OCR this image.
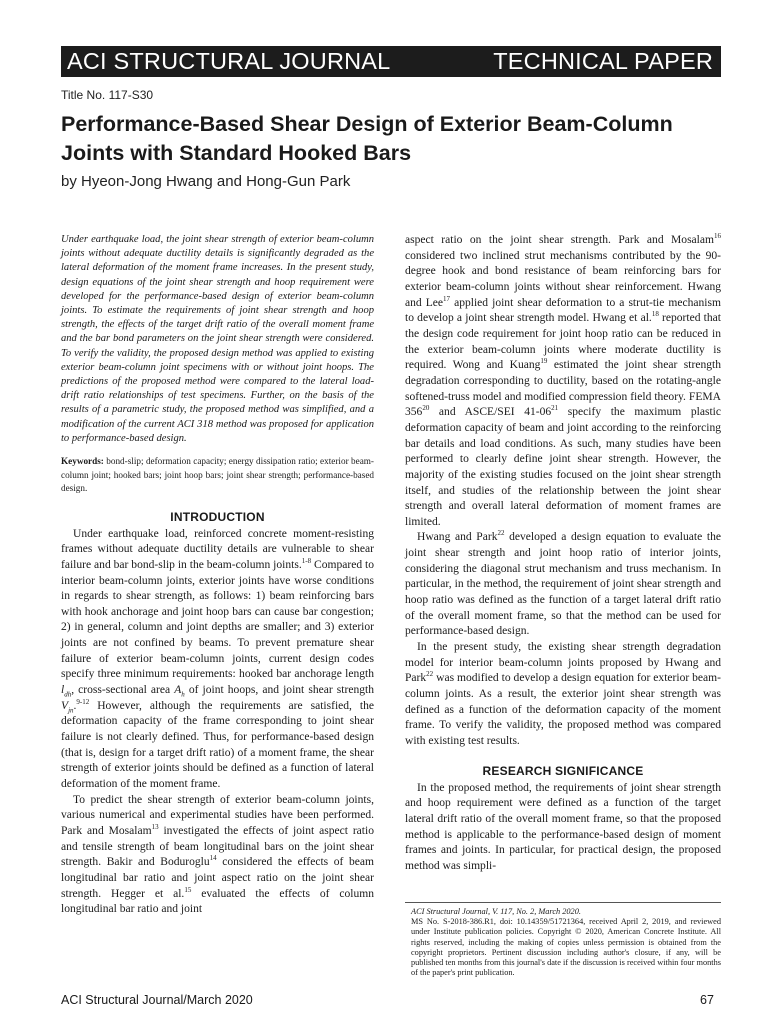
ACI STRUCTURAL JOURNAL	TECHNICAL PAPER
Title No. 117-S30
Performance-Based Shear Design of Exterior Beam-Column Joints with Standard Hooked Bars
by Hyeon-Jong Hwang and Hong-Gun Park

Under earthquake load, the joint shear strength of exterior beam-column joints without adequate ductility details is significantly degraded as the lateral deformation of the moment frame increases. In the present study, design equations of the joint shear strength and hoop requirement were developed for the performance-based design of exterior beam-column joints. To estimate the requirements of joint shear strength and hoop strength, the effects of the target drift ratio of the overall moment frame and the bar bond parameters on the joint shear strength were considered. To verify the validity, the proposed design method was applied to existing exterior beam-column joint specimens with or without joint hoops. The predictions of the proposed method were compared to the lateral load-drift ratio relationships of test specimens. Further, on the basis of the results of a parametric study, the proposed method was simplified, and a modification of the current ACI 318 method was proposed for application to performance-based design.

Keywords: bond-slip; deformation capacity; energy dissipation ratio; exterior beam-column joint; hooked bars; joint hoop bars; joint shear strength; performance-based design.

INTRODUCTION

Under earthquake load, reinforced concrete moment-resisting frames without adequate ductility details are vulnerable to shear failure and bar bond-slip in the beam-column joints.$^{1-8}$ Compared to interior beam-column joints, exterior joints have worse conditions in regards to shear strength, as follows: 1) beam reinforcing bars with hook anchorage and joint hoop bars can cause bar congestion; 2) in general, column and joint depths are smaller; and 3) exterior joints are not confined by beams. To prevent premature shear failure of exterior beam-column joints, current design codes specify three minimum requirements: hooked bar anchorage length $l_{dh}$, cross-sectional area $A_h$ of joint hoops, and joint shear strength $V_{jn}.^{9-12}$ However, although the requirements are satisfied, the deformation capacity of the frame corresponding to joint shear failure is not clearly defined. Thus, for performance-based design (that is, design for a target drift ratio) of a moment frame, the shear strength of exterior joints should be defined as a function of lateral deformation of the moment frame.

To predict the shear strength of exterior beam-column joints, various numerical and experimental studies have been performed. Park and Mosalam$^{13}$ investigated the effects of joint aspect ratio and tensile strength of beam longitudinal bars on the joint shear strength. Bakir and Boduroglu$^{14}$ considered the effects of beam longitudinal bar ratio and joint aspect ratio on the joint shear strength. Hegger et al.$^{15}$ evaluated the effects of column longitudinal bar ratio and joint

aspect ratio on the joint shear strength. Park and Mosalam$^{16}$ considered two inclined strut mechanisms contributed by the 90-degree hook and bond resistance of beam reinforcing bars for exterior beam-column joints without shear reinforcement. Hwang and Lee$^{17}$ applied joint shear deformation to a strut-tie mechanism to develop a joint shear strength model. Hwang et al.$^{18}$ reported that the design code requirement for joint hoop ratio can be reduced in the exterior beam-column joints where moderate ductility is required. Wong and Kuang$^{19}$ estimated the joint shear strength degradation corresponding to ductility, based on the rotating-angle softened-truss model and modified compression field theory. FEMA $356^{20}$ and ASCE/SEI $41-06^{21}$ specify the maximum plastic deformation capacity of beam and joint according to the reinforcing bar details and load conditions. As such, many studies have been performed to clearly define joint shear strength. However, the majority of the existing studies focused on the joint shear strength itself, and studies of the relationship between the joint shear strength and overall lateral deformation of moment frames are limited.

Hwang and Park$^{22}$ developed a design equation to evaluate the joint shear strength and joint hoop ratio of interior joints, considering the diagonal strut mechanism and truss mechanism. In particular, in the method, the requirement of joint shear strength and hoop ratio was defined as the function of a target lateral drift ratio of the overall moment frame, so that the method can be used for performance-based design.

In the present study, the existing shear strength degradation model for interior beam-column joints proposed by Hwang and Park$^{22}$ was modified to develop a design equation for exterior beam-column joints. As a result, the exterior joint shear strength was defined as a function of the deformation capacity of the moment frame. To verify the validity, the proposed method was compared with existing test results.

RESEARCH SIGNIFICANCE

In the proposed method, the requirements of joint shear strength and hoop requirement were defined as a function of the target lateral drift ratio of the overall moment frame, so that the proposed method is applicable to the performance-based design of moment frames and joints. In particular, for practical design, the proposed method was simpli-

ACI Structural Journal, V. 117, No. 2, March 2020.
MS No. S-2018-386.R1, doi: 10.14359/51721364, received April 2, 2019, and reviewed under Institute publication policies. Copyright © 2020, American Concrete Institute. All rights reserved, including the making of copies unless permission is obtained from the copyright proprietors. Pertinent discussion including author's closure, if any, will be published ten months from this journal's date if the discussion is received within four months of the paper's print publication.
ACI Structural Journal/March 2020	67
